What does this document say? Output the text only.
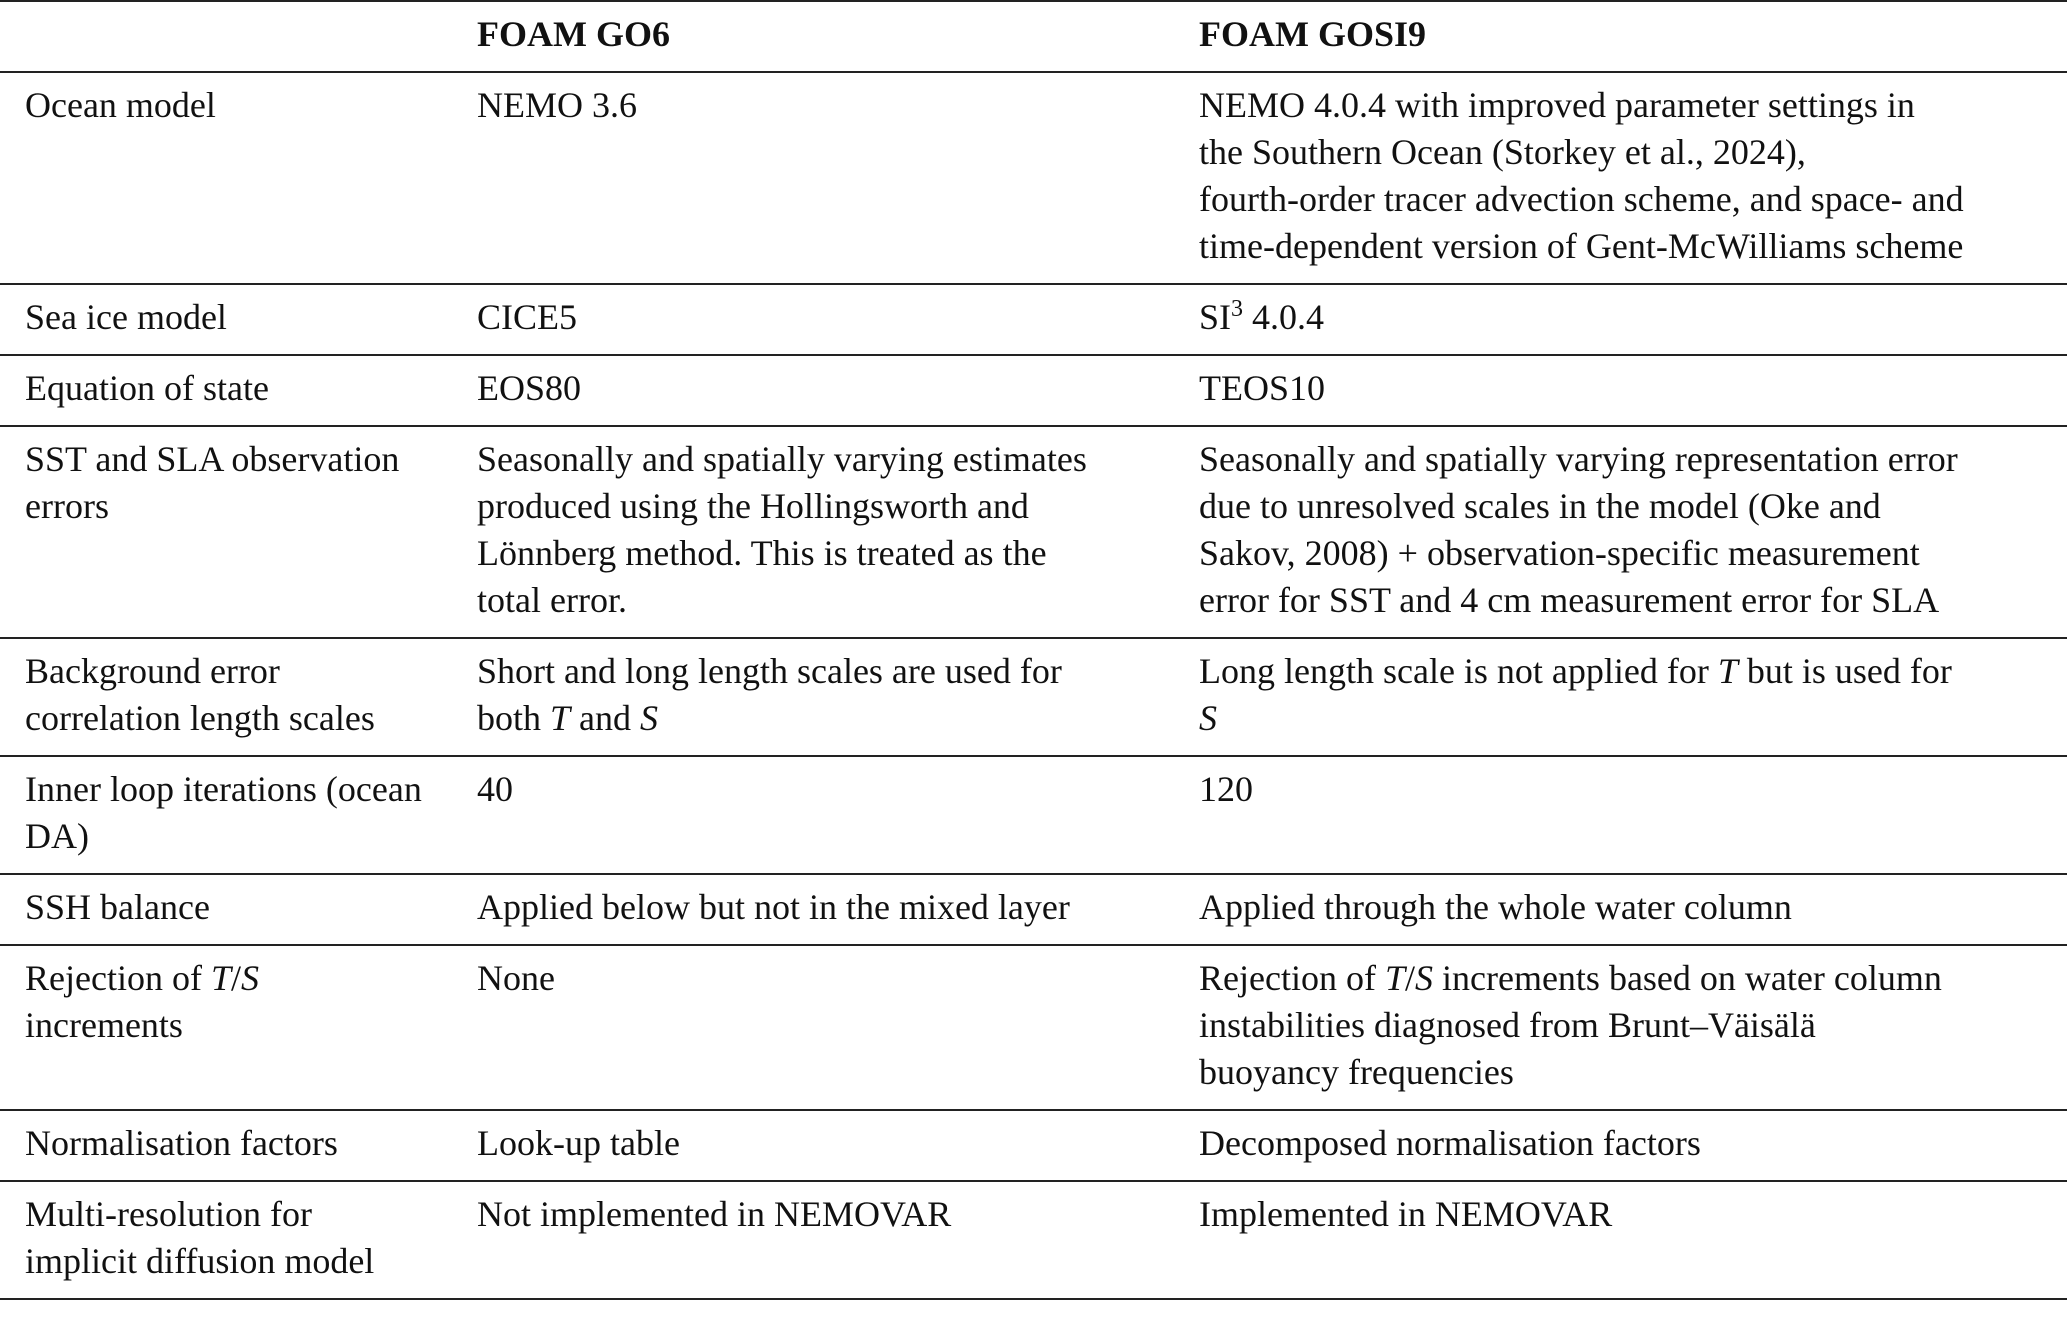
	FOAM GO6	FOAM GOSI9

Ocean model	NEMO 3.6	NEMO 4.0.4 with improved parameter settings in
the Southern Ocean (Storkey et al., 2024),
fourth-order tracer advection scheme, and space- and
time-dependent version of Gent-McWilliams scheme

Sea ice model	CICE5	$SI^3$ 4.0.4

Equation of state	EOS80	TEOS10

SST and SLA observation
errors	Seasonally and spatially varying estimates
produced using the Hollingsworth and
Lönnberg method. This is treated as the
total error.	Seasonally and spatially varying representation error
due to unresolved scales in the model (Oke and
Sakov, 2008) + observation-specific measurement
error for SST and 4 cm measurement error for SLA

Background error
correlation length scales	Short and long length scales are used for
both T and S	Long length scale is not applied for T but is used for
S

Inner loop iterations (ocean
DA)	40	120

SSH balance	Applied below but not in the mixed layer	Applied through the whole water column

Rejection of T/S
increments	None	Rejection of T/S increments based on water column
instabilities diagnosed from Brunt–Väisälä
buoyancy frequencies

Normalisation factors	Look-up table	Decomposed normalisation factors

Multi-resolution for
implicit diffusion model	Not implemented in NEMOVAR	Implemented in NEMOVAR
